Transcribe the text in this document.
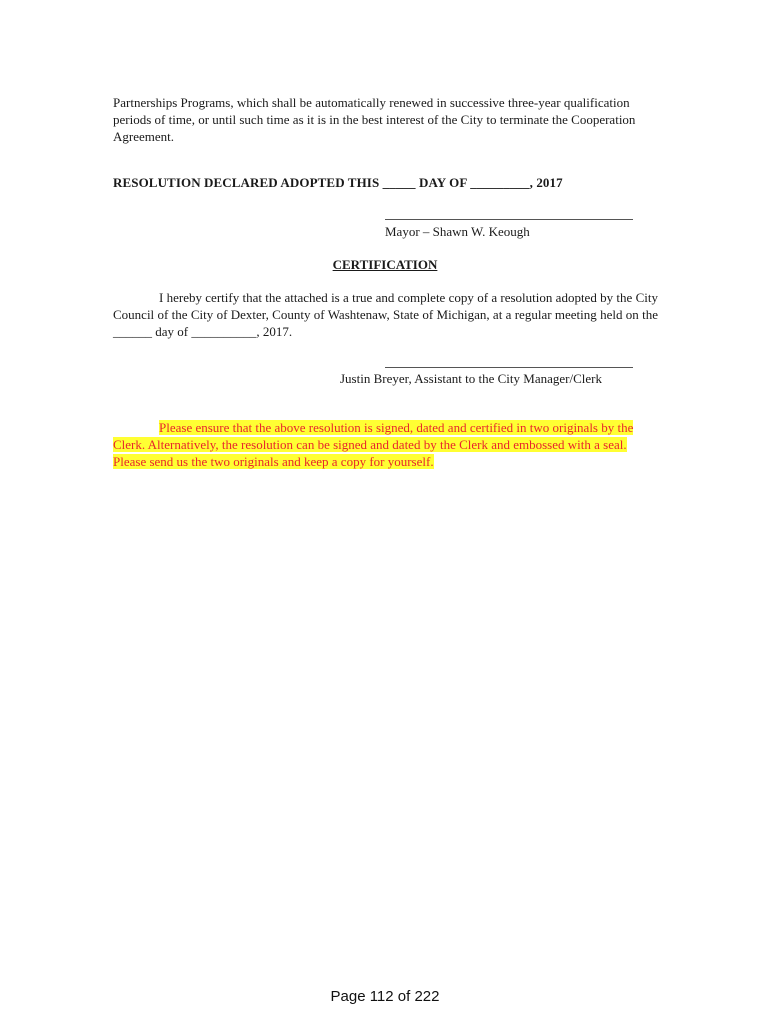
Partnerships Programs, which shall be automatically renewed in successive three-year qualification periods of time, or until such time as it is in the best interest of the City to terminate the Cooperation Agreement.

RESOLUTION DECLARED ADOPTED THIS _____ DAY OF _________, 2017
Mayor – Shawn W. Keough
CERTIFICATION

I hereby certify that the attached is a true and complete copy of a resolution adopted by the City Council of the City of Dexter, County of Washtenaw, State of Michigan, at a regular meeting held on the ______ day of __________, 2017.

Justin Breyer, Assistant to the City Manager/Clerk

Please ensure that the above resolution is signed, dated and certified in two originals by the Clerk. Alternatively, the resolution can be signed and dated by the Clerk and embossed with a seal. Please send us the two originals and keep a copy for yourself.

Page 112 of 222
